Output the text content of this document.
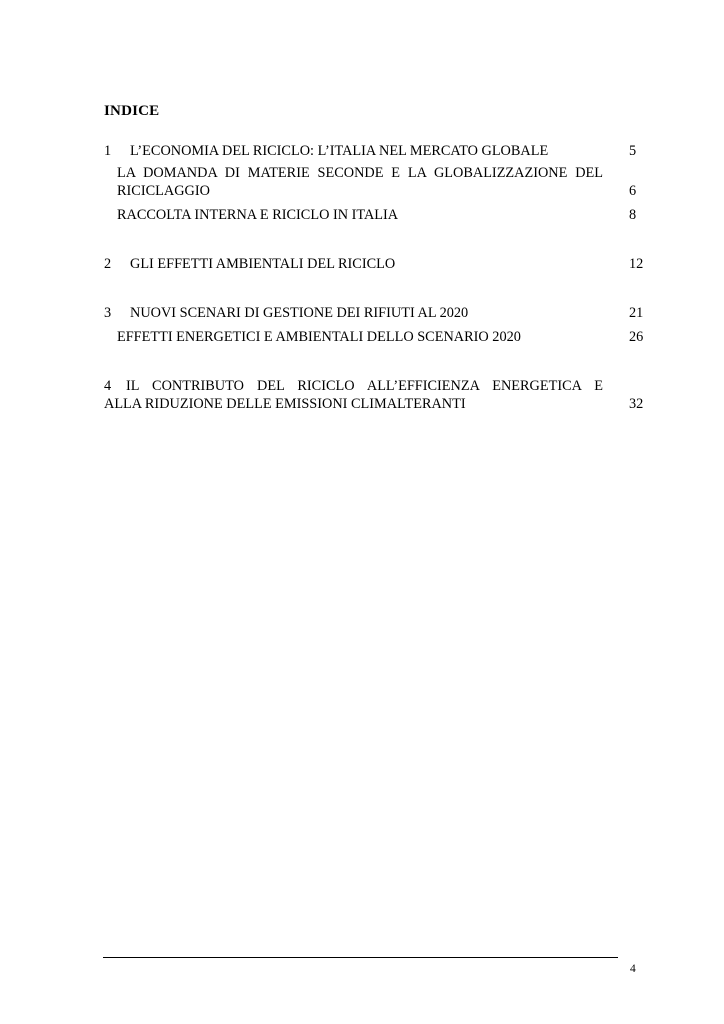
INDICE
1 L’ECONOMIA DEL RICICLO: L’ITALIA NEL MERCATO GLOBALE	5
LA DOMANDA DI MATERIE SECONDE E LA GLOBALIZZAZIONE DEL
RICICLAGGIO	6
RACCOLTA INTERNA E RICICLO IN ITALIA	8
2 GLI EFFETTI AMBIENTALI DEL RICICLO	12
3 NUOVI SCENARI DI GESTIONE DEI RIFIUTI AL 2020	21
EFFETTI ENERGETICI E AMBIENTALI DELLO SCENARIO 2020	26
4	IL CONTRIBUTO DEL RICICLO ALL’EFFICIENZA ENERGETICA E
ALLA RIDUZIONE DELLE EMISSIONI CLIMALTERANTI	32
4
